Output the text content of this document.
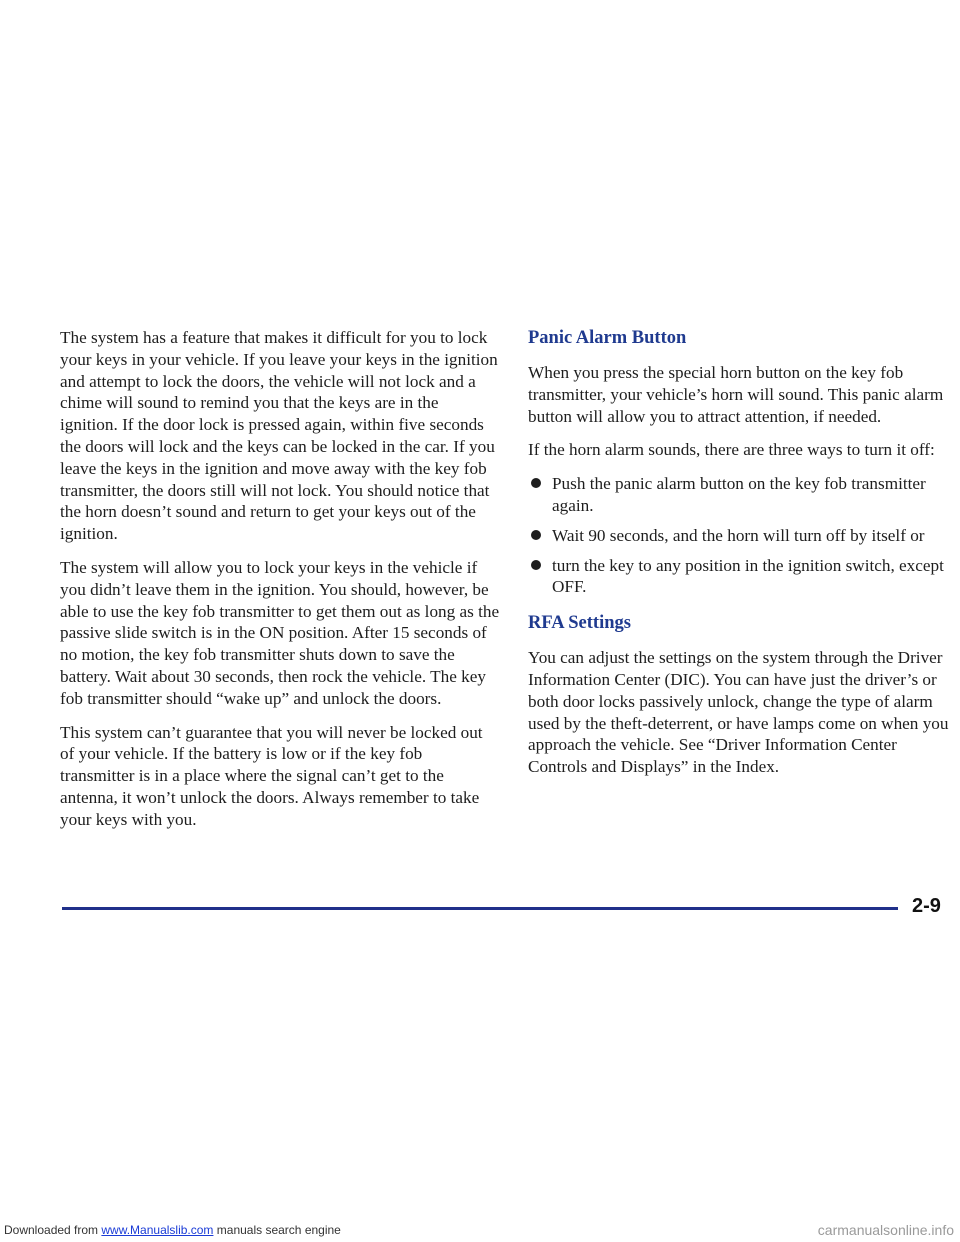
The system has a feature that makes it difficult for you to lock your keys in your vehicle. If you leave your keys in the ignition and attempt to lock the doors, the vehicle will not lock and a chime will sound to remind you that the keys are in the ignition. If the door lock is pressed again, within five seconds the doors will lock and the keys can be locked in the car. If you leave the keys in the ignition and move away with the key fob transmitter, the doors still will not lock. You should notice that the horn doesn’t sound and return to get your keys out of the ignition.

The system will allow you to lock your keys in the vehicle if you didn’t leave them in the ignition. You should, however, be able to use the key fob transmitter to get them out as long as the passive slide switch is in the ON position. After 15 seconds of no motion, the key fob transmitter shuts down to save the battery. Wait about 30 seconds, then rock the vehicle. The key fob transmitter should “wake up” and unlock the doors.

This system can’t guarantee that you will never be locked out of your vehicle. If the battery is low or if the key fob transmitter is in a place where the signal can’t get to the antenna, it won’t unlock the doors. Always remember to take your keys with you.

Panic Alarm Button

When you press the special horn button on the key fob transmitter, your vehicle’s horn will sound. This panic alarm button will allow you to attract attention, if needed.

If the horn alarm sounds, there are three ways to turn it off:

Push the panic alarm button on the key fob transmitter again.
Wait 90 seconds, and the horn will turn off by itself or
turn the key to any position in the ignition switch, except OFF.
RFA Settings

You can adjust the settings on the system through the Driver Information Center (DIC). You can have just the driver’s or both door locks passively unlock, change the type of alarm used by the theft-deterrent, or have lamps come on when you approach the vehicle. See “Driver Information Center Controls and Displays” in the Index.

2-9
Downloaded from www.Manualslib.com manuals search engine	carmanualsonline.info
